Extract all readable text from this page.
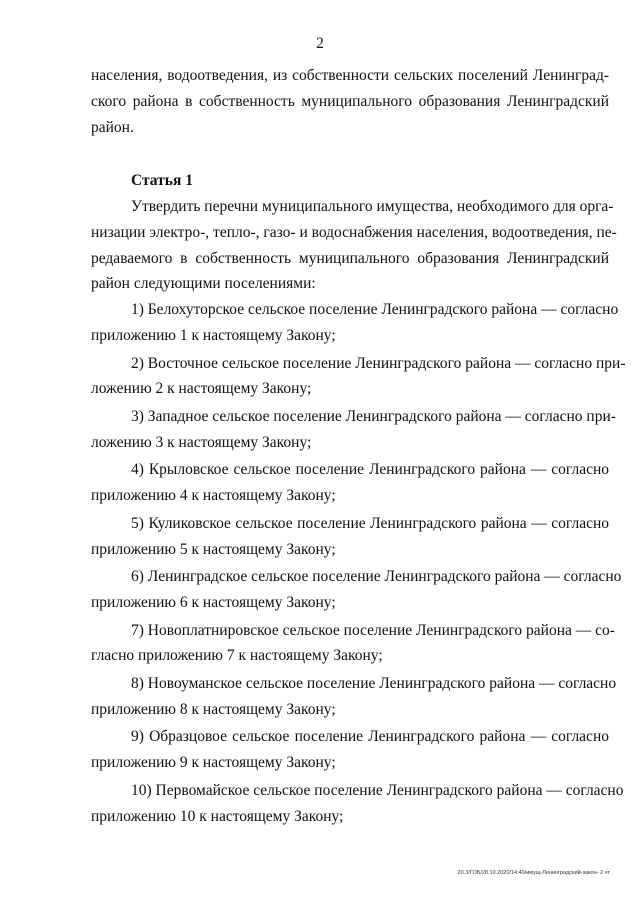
2
населения, водоотведения, из собственности сельских поселений Ленинград-
ского района в собственность муниципального образования Ленинградский
район.
Статья 1
Утвердить перечни муниципального имущества, необходимого для орга-
низации электро-, тепло-, газо- и водоснабжения населения, водоотведения, пе-
редаваемого в собственность муниципального образования Ленинградский
район следующими поселениями:
1) Белохуторское сельское поселение Ленинградского района — согласно
приложению 1 к настоящему Закону;
2) Восточное сельское поселение Ленинградского района — согласно при-
ложению 2 к настоящему Закону;
3) Западное сельское поселение Ленинградского района — согласно при-
ложению 3 к настоящему Закону;
4) Крыловское сельское поселение Ленинградского района — согласно
приложению 4 к настоящему Закону;
5) Куликовское сельское поселение Ленинградского района — согласно
приложению 5 к настоящему Закону;
6) Ленинградское сельское поселение Ленинградского района — согласно
приложению 6 к настоящему Закону;
7) Новоплатнировское сельское поселение Ленинградского района — со-
гласно приложению 7 к настоящему Закону;
8) Новоуманское сельское поселение Ленинградского района — согласно
приложению 8 к настоящему Закону;
9) Образцовое сельское поселение Ленинградского района — согласно
приложению 9 к настоящему Закону;
10) Первомайское сельское поселение Ленинградского района — согласно
приложению 10 к настоящему Закону;
20.3/ГОБ/28.10.2020/14:40/имущ-Ленинградский-закон- 2 чт
